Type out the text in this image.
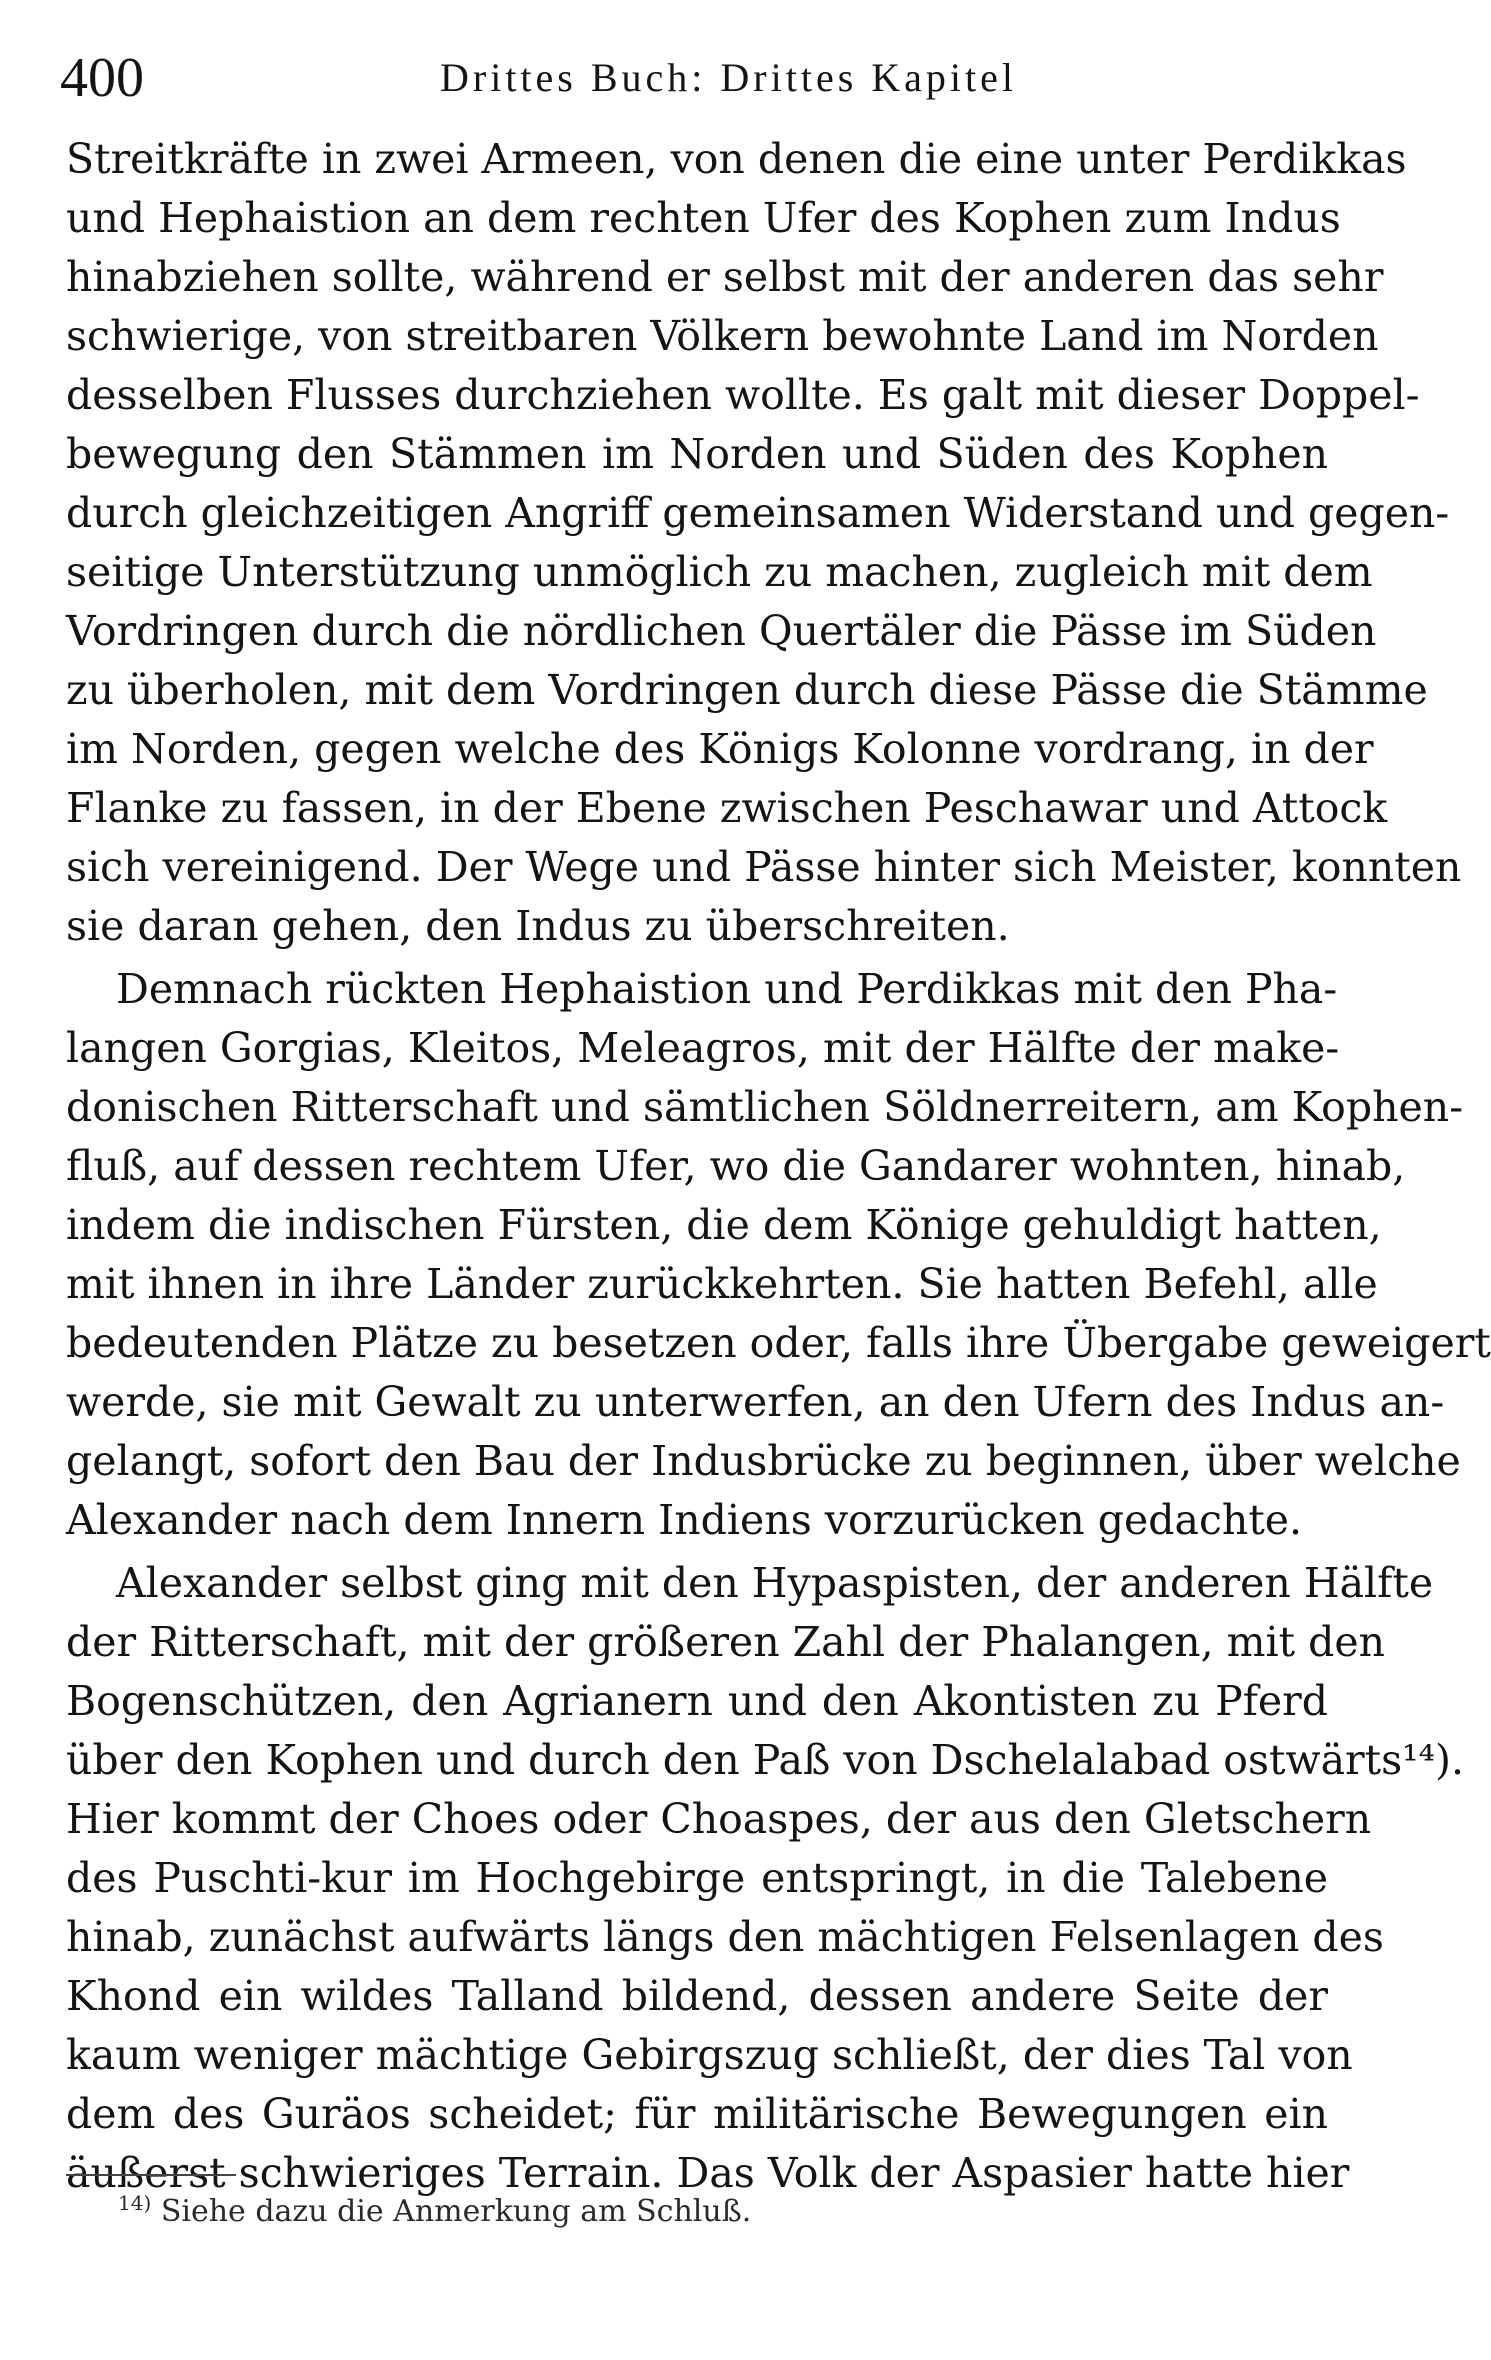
400	Drittes Buch: Drittes Kapitel
Streitkräfte in zwei Armeen, von denen die eine unter Perdikkas
und Hephaistion an dem rechten Ufer des Kophen zum Indus
hinabziehen sollte, während er selbst mit der anderen das sehr
schwierige, von streitbaren Völkern bewohnte Land im Norden
desselben Flusses durchziehen wollte. Es galt mit dieser Doppel-
bewegung den Stämmen im Norden und Süden des Kophen
durch gleichzeitigen Angriff gemeinsamen Widerstand und gegen-
seitige Unterstützung unmöglich zu machen, zugleich mit dem
Vordringen durch die nördlichen Quertäler die Pässe im Süden
zu überholen, mit dem Vordringen durch diese Pässe die Stämme
im Norden, gegen welche des Königs Kolonne vordrang, in der
Flanke zu fassen, in der Ebene zwischen Peschawar und Attock
sich vereinigend. Der Wege und Pässe hinter sich Meister, konnten
sie daran gehen, den Indus zu überschreiten.
Demnach rückten Hephaistion und Perdikkas mit den Pha-
langen Gorgias, Kleitos, Meleagros, mit der Hälfte der make-
donischen Ritterschaft und sämtlichen Söldnerreitern, am Kophen-
fluß, auf dessen rechtem Ufer, wo die Gandarer wohnten, hinab,
indem die indischen Fürsten, die dem Könige gehuldigt hatten,
mit ihnen in ihre Länder zurückkehrten. Sie hatten Befehl, alle
bedeutenden Plätze zu besetzen oder, falls ihre Übergabe geweigert
werde, sie mit Gewalt zu unterwerfen, an den Ufern des Indus an-
gelangt, sofort den Bau der Indusbrücke zu beginnen, über welche
Alexander nach dem Innern Indiens vorzurücken gedachte.
Alexander selbst ging mit den Hypaspisten, der anderen Hälfte
der Ritterschaft, mit der größeren Zahl der Phalangen, mit den
Bogenschützen, den Agrianern und den Akontisten zu Pferd
über den Kophen und durch den Paß von Dschelalabad ostwärts¹⁴).
Hier kommt der Choes oder Choaspes, der aus den Gletschern
des Puschti-kur im Hochgebirge entspringt, in die Talebene
hinab, zunächst aufwärts längs den mächtigen Felsenlagen des
Khond ein wildes Talland bildend, dessen andere Seite der
kaum weniger mächtige Gebirgszug schließt, der dies Tal von
dem des Guräos scheidet; für militärische Bewegungen ein
äußerst schwieriges Terrain. Das Volk der Aspasier hatte hier
$^{14)}$ Siehe dazu die Anmerkung am Schluß.
